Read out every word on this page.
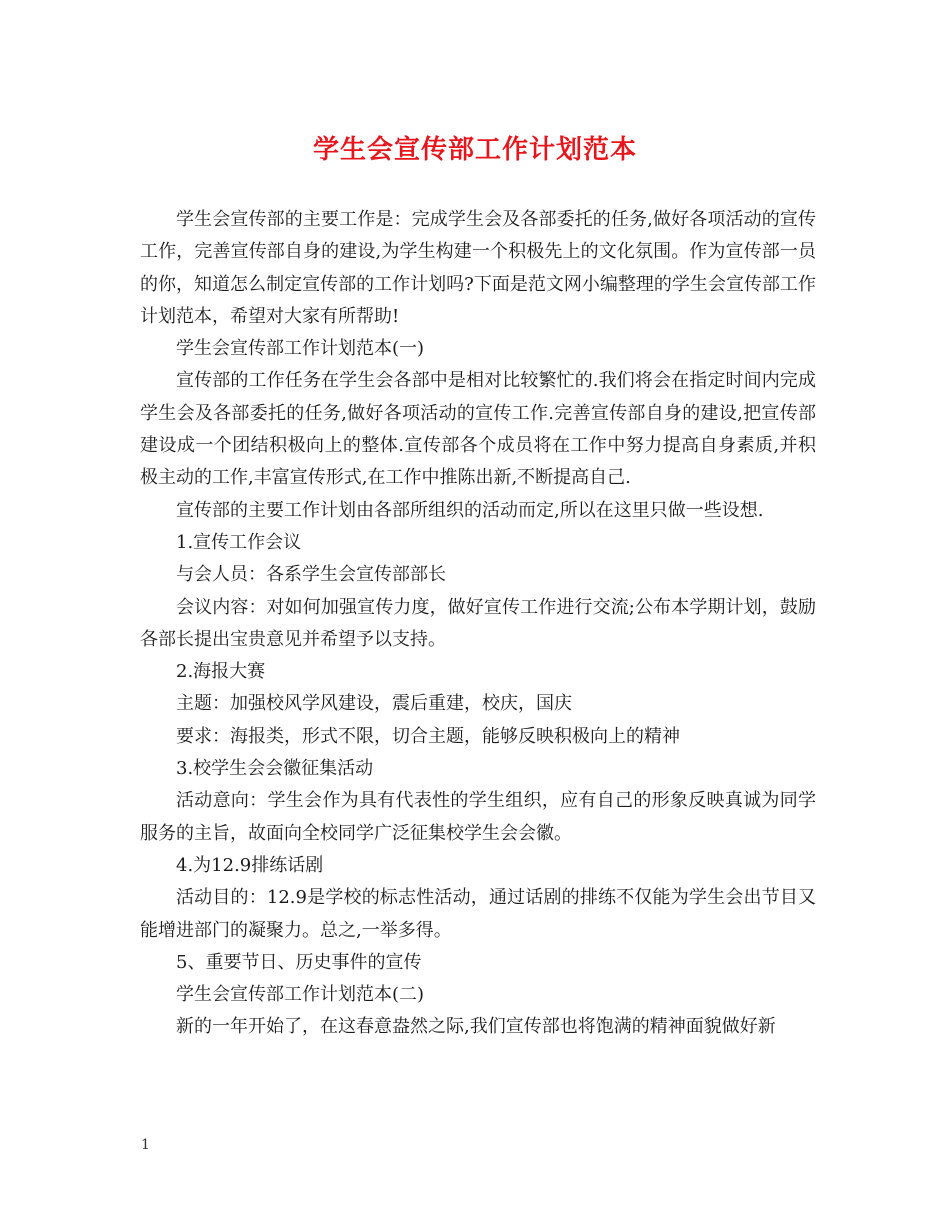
学生会宣传部工作计划范本

学生会宣传部的主要工作是：完成学生会及各部委托的任务,做好各项活动的宣传工作，完善宣传部自身的建设,为学生构建一个积极先上的文化氛围。作为宣传部一员的你，知道怎么制定宣传部的工作计划吗?下面是范文网小编整理的学生会宣传部工作计划范本，希望对大家有所帮助!

学生会宣传部工作计划范本(一)

宣传部的工作任务在学生会各部中是相对比较繁忙的.我们将会在指定时间内完成学生会及各部委托的任务,做好各项活动的宣传工作.完善宣传部自身的建设,把宣传部建设成一个团结积极向上的整体.宣传部各个成员将在工作中努力提高自身素质,并积极主动的工作,丰富宣传形式,在工作中推陈出新,不断提高自己.

宣传部的主要工作计划由各部所组织的活动而定,所以在这里只做一些设想.

1.宣传工作会议

与会人员：各系学生会宣传部部长

会议内容：对如何加强宣传力度，做好宣传工作进行交流;公布本学期计划，鼓励各部长提出宝贵意见并希望予以支持。

2.海报大赛

主题：加强校风学风建设，震后重建，校庆，国庆

要求：海报类，形式不限，切合主题，能够反映积极向上的精神

3.校学生会会徽征集活动

活动意向：学生会作为具有代表性的学生组织，应有自己的形象反映真诚为同学服务的主旨，故面向全校同学广泛征集校学生会会徽。

4.为12.9排练话剧

活动目的：12.9是学校的标志性活动，通过话剧的排练不仅能为学生会出节目又能增进部门的凝聚力。总之,一举多得。

5、重要节日、历史事件的宣传

学生会宣传部工作计划范本(二)

新的一年开始了，在这春意盎然之际,我们宣传部也将饱满的精神面貌做好新

1
